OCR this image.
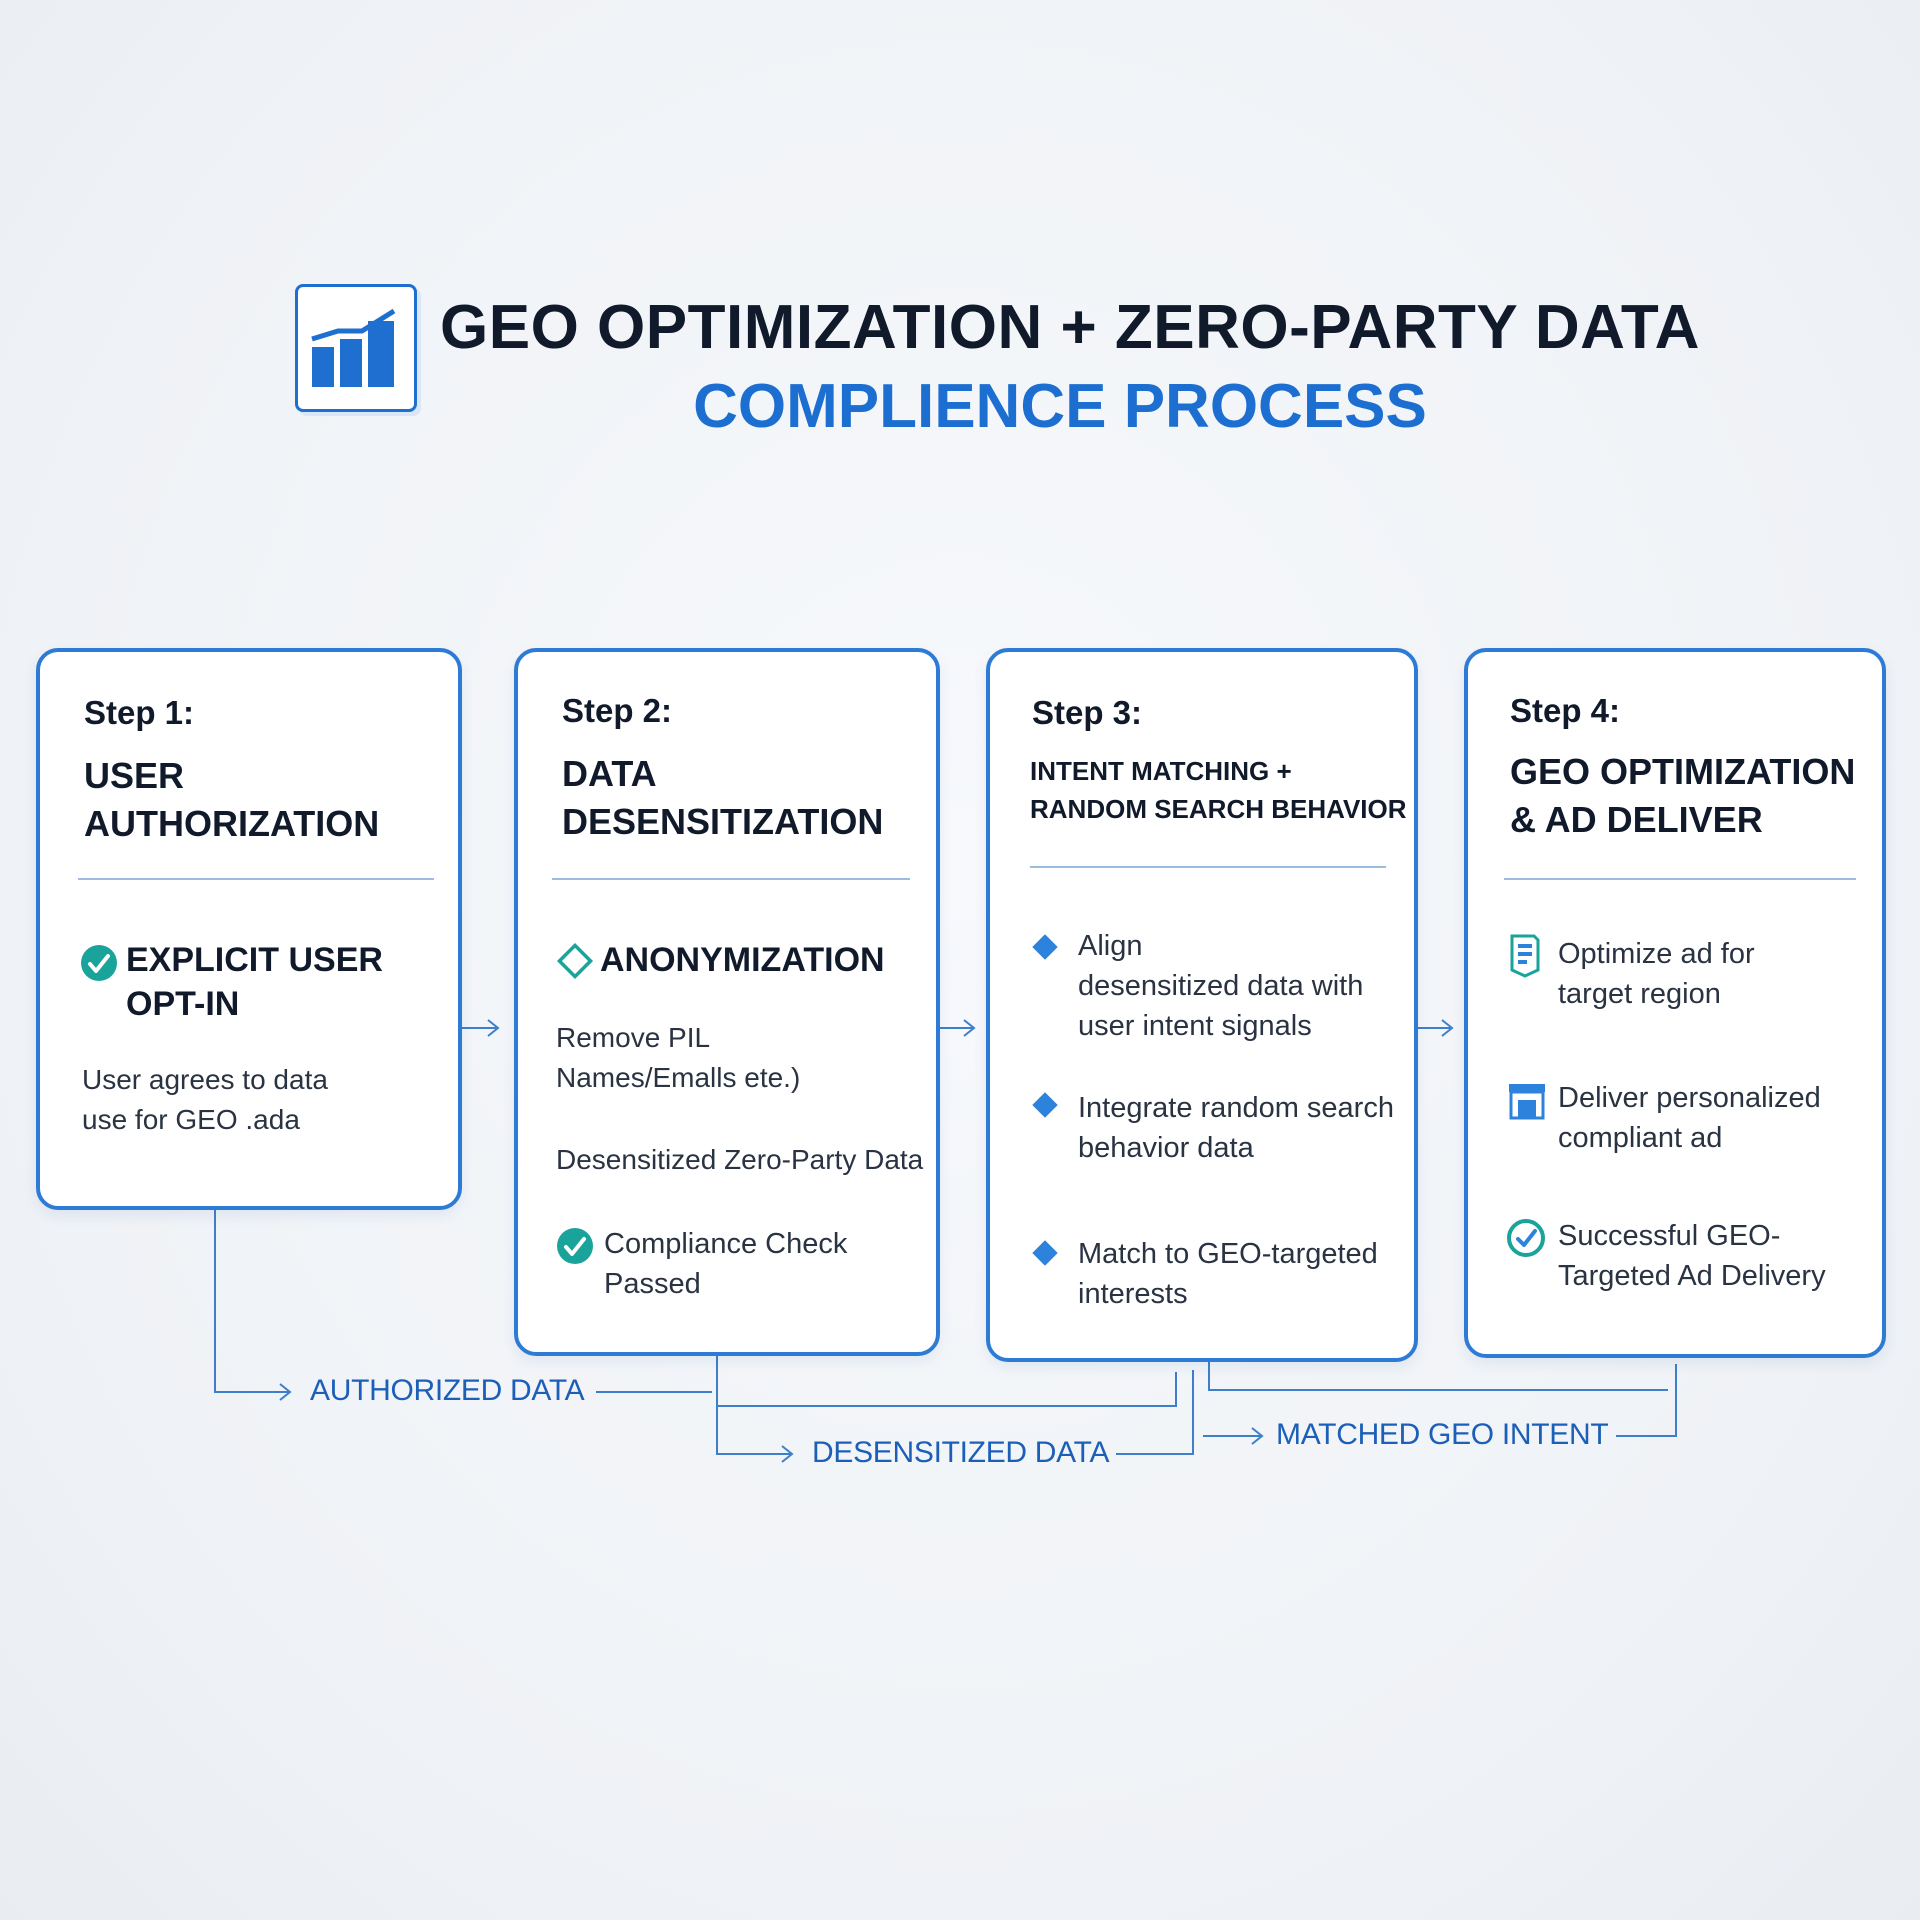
GEO OPTIMIZATION + ZERO-PARTY DATA
COMPLIENCE PROCESS
Step 1:
USER
AUTHORIZATION
EXPLICIT USER
OPT-IN
User agrees to data
use for GEO .ada
Step 2:
DATA
DESENSITIZATION
ANONYMIZATION
Remove PIL
Names/Emalls ete.)
Desensitized Zero-Party Data
Compliance Check
Passed
Step 3:
INTENT MATCHING +
RANDOM SEARCH BEHAVIOR
Align
desensitized data with
user intent signals
Integrate random search
behavior data
Match to GEO-targeted
interests
Step 4:
GEO OPTIMIZATION
& AD DELIVER
Optimize ad for
target region
Deliver personalized
compliant ad
Successful GEO-
Targeted Ad Delivery
AUTHORIZED DATA
DESENSITIZED DATA
MATCHED GEO INTENT
